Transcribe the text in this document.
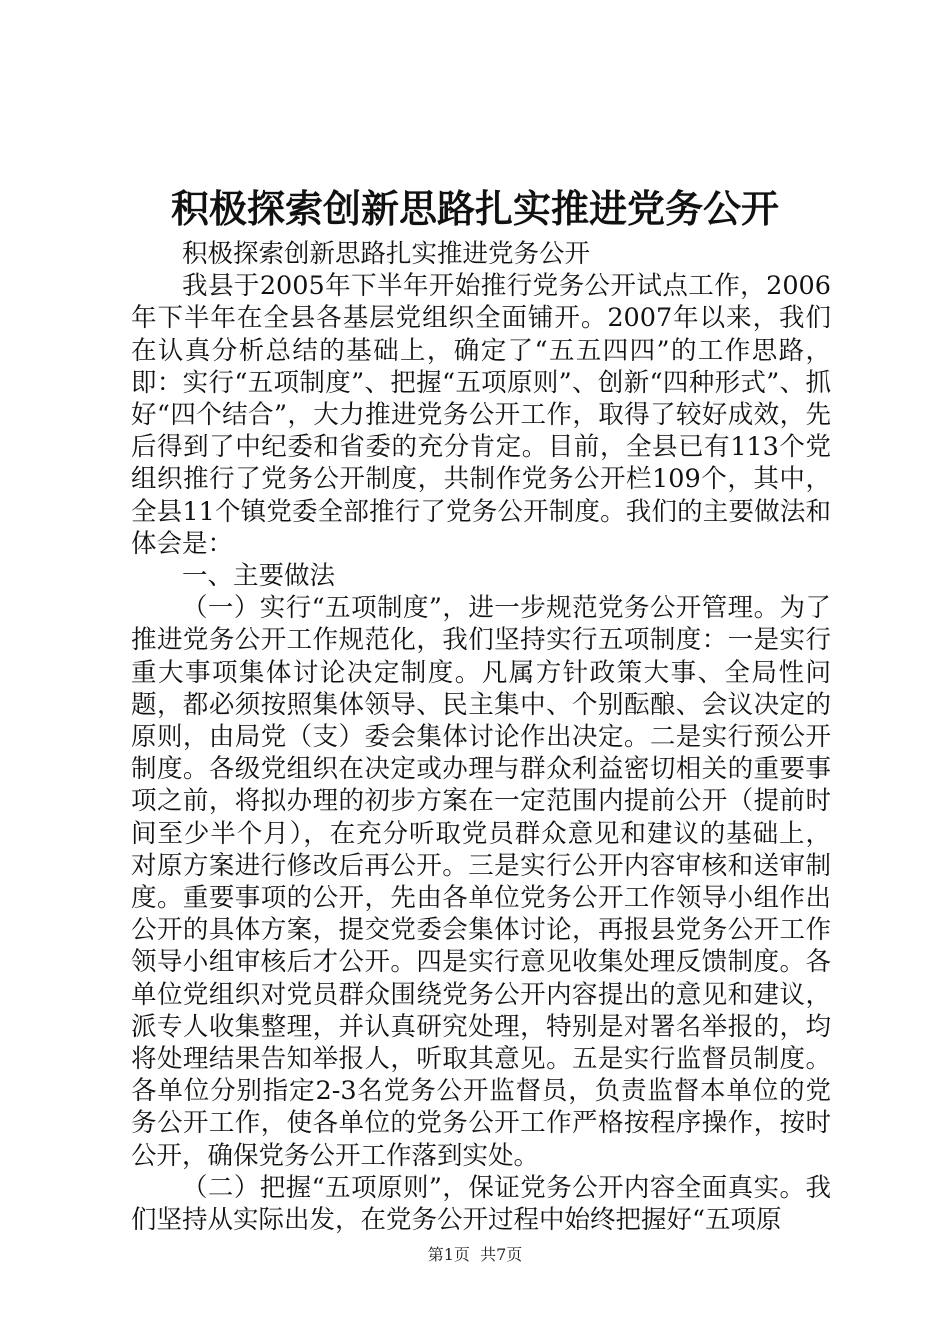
积极探索创新思路扎实推进党务公开

积极探索创新思路扎实推进党务公开

我县于2005年下半年开始推行党务公开试点工作，2006年下半年在全县各基层党组织全面铺开。2007年以来，我们在认真分析总结的基础上，确定了“五五四四”的工作思路，即：实行“五项制度”、把握“五项原则”、创新“四种形式”、抓好“四个结合”，大力推进党务公开工作，取得了较好成效，先后得到了中纪委和省委的充分肯定。目前，全县已有113个党组织推行了党务公开制度，共制作党务公开栏109个，其中，全县11个镇党委全部推行了党务公开制度。我们的主要做法和体会是：

一、主要做法

（一）实行“五项制度”，进一步规范党务公开管理。为了推进党务公开工作规范化，我们坚持实行五项制度：一是实行重大事项集体讨论决定制度。凡属方针政策大事、全局性问题，都必须按照集体领导、民主集中、个别酝酿、会议决定的原则，由局党（支）委会集体讨论作出决定。二是实行预公开制度。各级党组织在决定或办理与群众利益密切相关的重要事项之前，将拟办理的初步方案在一定范围内提前公开（提前时间至少半个月），在充分听取党员群众意见和建议的基础上，对原方案进行修改后再公开。三是实行公开内容审核和送审制度。重要事项的公开，先由各单位党务公开工作领导小组作出公开的具体方案，提交党委会集体讨论，再报县党务公开工作领导小组审核后才公开。四是实行意见收集处理反馈制度。各单位党组织对党员群众围绕党务公开内容提出的意见和建议，派专人收集整理，并认真研究处理，特别是对署名举报的，均将处理结果告知举报人，听取其意见。五是实行监督员制度。各单位分别指定2-3名党务公开监督员，负责监督本单位的党务公开工作，使各单位的党务公开工作严格按程序操作，按时公开，确保党务公开工作落到实处。

（二）把握“五项原则”，保证党务公开内容全面真实。我们坚持从实际出发，在党务公开过程中始终把握好“五项原

第1页  共7页
